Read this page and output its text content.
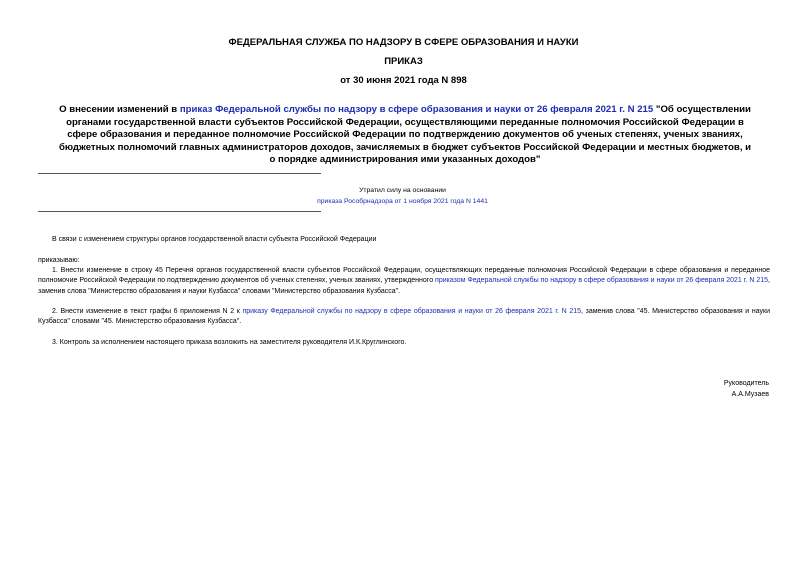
ФЕДЕРАЛЬНАЯ СЛУЖБА ПО НАДЗОРУ В СФЕРЕ ОБРАЗОВАНИЯ И НАУКИ
ПРИКАЗ
от 30 июня 2021 года N 898
О внесении изменений в приказ Федеральной службы по надзору в сфере образования и науки от 26 февраля 2021 г. N 215 "Об осуществлении органами государственной власти субъектов Российской Федерации, осуществляющими переданные полномочия Российской Федерации в сфере образования и переданное полномочие Российской Федерации по подтверждению документов об ученых степенях, ученых званиях, бюджетных полномочий главных администраторов доходов, зачисляемых в бюджет субъектов Российской Федерации и местных бюджетов, и о порядке администрирования ими указанных доходов"
Утратил силу на основании
приказа Рособрнадзора от 1 ноября 2021 года N 1441
В связи с изменением структуры органов государственной власти субъекта Российской Федерации
приказываю:
1. Внести изменение в строку 45 Перечня органов государственной власти субъектов Российской Федерации, осуществляющих переданные полномочия Российской Федерации в сфере образования и переданное полномочие Российской Федерации по подтверждению документов об ученых степенях, ученых званиях, утвержденного приказом Федеральной службы по надзору в сфере образования и науки от 26 февраля 2021 г. N 215, заменив слова "Министерство образования и науки Кузбасса" словами "Министерство образования Кузбасса".
2. Внести изменение в текст графы 6 приложения N 2 к приказу Федеральной службы по надзору в сфере образования и науки от 26 февраля 2021 г. N 215, заменив слова "45. Министерство образования и науки Кузбасса" словами "45. Министерство образования Кузбасса".
3. Контроль за исполнением настоящего приказа возложить на заместителя руководителя И.К.Круглинского.
Руководитель
А.А.Музаев
